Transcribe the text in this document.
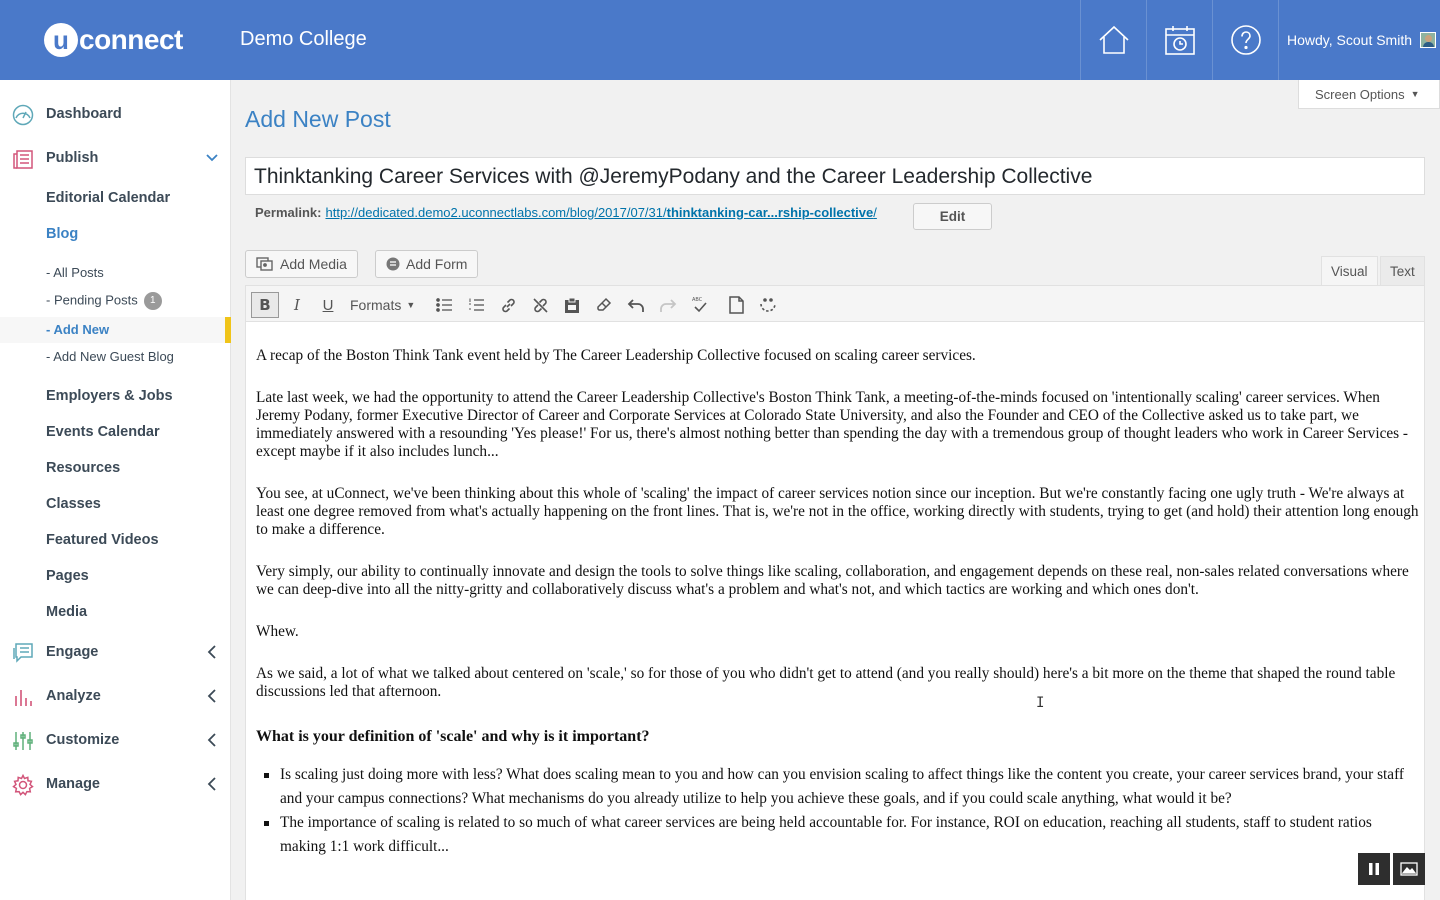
u connect	Demo College	Howdy, Scout Smith
Dashboard
Publish
Editorial Calendar
Blog
- All Posts
- Pending Posts 1
- Add New
- Add New Guest Blog
Employers & Jobs
Events Calendar
Resources
Classes
Featured Videos
Pages
Media
Engage
Analyze
Customize
Manage
Add New Post
Screen Options ▼
Thinktanking Career Services with @JeremyPodany and the Career Leadership Collective
Permalink: http://dedicated.demo2.uconnectlabs.com/blog/2017/07/31/thinktanking-car...rship-collective/	Edit
Add Media	Add Form	Visual	Text
B	I	U Formats ▼	ABC

A recap of the Boston Think Tank event held by The Career Leadership Collective focused on scaling career services.

Late last week, we had the opportunity to attend the Career Leadership Collective's Boston Think Tank, a meeting-of-the-minds focused on 'intentionally scaling' career services. When Jeremy Podany, former Executive Director of Career and Corporate Services at Colorado State University, and also the Founder and CEO of the Collective asked us to take part, we immediately answered with a resounding 'Yes please!' For us, there's almost nothing better than spending the day with a tremendous group of thought leaders who work in Career Services - except maybe if it also includes lunch...

You see, at uConnect, we've been thinking about this whole of 'scaling' the impact of career services notion since our inception. But we're constantly facing one ugly truth - We're always at least one degree removed from what's actually happening on the front lines. That is, we're not in the office, working directly with students, trying to get (and hold) their attention long enough to make a difference.

Very simply, our ability to continually innovate and design the tools to solve things like scaling, collaboration, and engagement depends on these real, non-sales related conversations where we can deep-dive into all the nitty-gritty and collaboratively discuss what's a problem and what's not, and which tactics are working and which ones don't.

Whew.

As we said, a lot of what we talked about centered on 'scale,' so for those of you who didn't get to attend (and you really should) here's a bit more on the theme that shaped the round table discussions led that afternoon.

What is your definition of 'scale' and why is it important?
Is scaling just doing more with less? What does scaling mean to you and how can you envision scaling to affect things like the content you create, your career services brand, your staff and your campus connections? What mechanisms do you already utilize to help you achieve these goals, and if you could scale anything, what would it be?
The importance of scaling is related to so much of what career services are being held accountable for. For instance, ROI on education, reaching all students, staff to student ratios making 1:1 work difficult...
I
